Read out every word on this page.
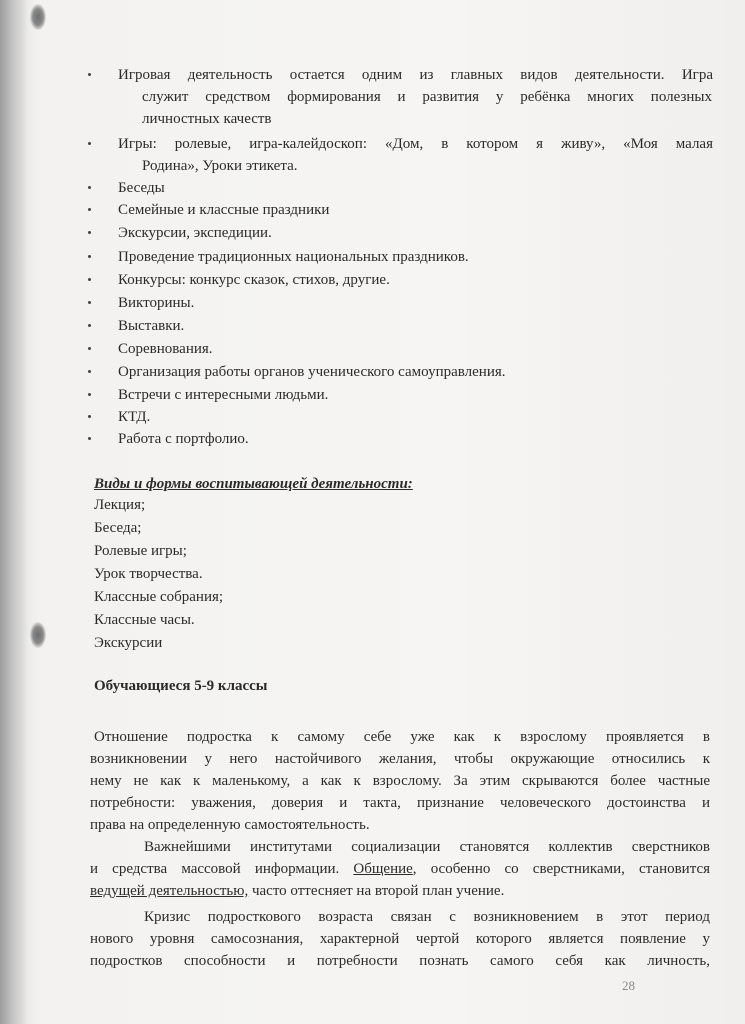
Игровая деятельность остается одним из главных видов деятельности. Игра
служит средством формирования и развития у ребёнка многих полезных
личностных качеств
Игры: ролевые, игра-калейдоскоп: «Дом, в котором я живу», «Моя малая
Родина», Уроки этикета.
Беседы
Семейные и классные праздники
Экскурсии, экспедиции.
Проведение традиционных национальных праздников.
Конкурсы: конкурс сказок, стихов, другие.
Викторины.
Выставки.
Соревнования.
Организация работы органов ученического самоуправления.
Встречи с интересными людьми.
КТД.
Работа с портфолио.
Виды и формы воспитывающей деятельности:
Лекция;
Беседа;
Ролевые игры;
Урок творчества.
Классные собрания;
Классные часы.
Экскурсии
Обучающиеся 5-9 классы
Отношение подростка к самому себе уже как к взрослому проявляется в
возникновении у него настойчивого желания, чтобы окружающие относились к
нему не как к маленькому, а как к взрослому. За этим скрываются более частные
потребности: уважения, доверия и такта, признание человеческого достоинства и
права на определенную самостоятельность.
Важнейшими институтами социализации становятся коллектив сверстников
и средства массовой информации. Общение, особенно со сверстниками, становится
ведущей деятельностью, часто оттесняет на второй план учение.
Кризис подросткового возраста связан с возникновением в этот период
нового уровня самосознания, характерной чертой которого является появление у
подростков способности и потребности познать самого себя как личность,
28
